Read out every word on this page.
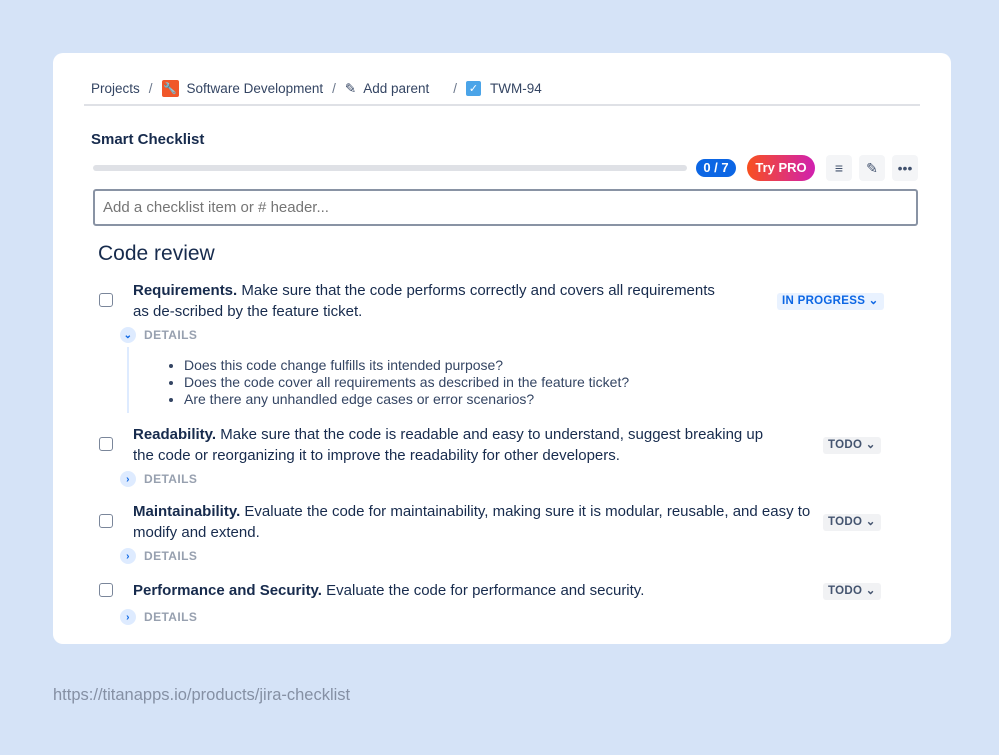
Projects / 🔧 Software Development / ✎ Add parent / ✓ TWM-94
Smart Checklist
0 / 7	Try PRO	≡ ✎ •••
Add a checklist item or # header...
Code review
Requirements. Make sure that the code performs correctly and covers all requirements as de-scribed by the feature ticket.
IN PROGRESS ⌄
⌄ DETAILS
• Does this code change fulfills its intended purpose?
• Does the code cover all requirements as described in the feature ticket?
• Are there any unhandled edge cases or error scenarios?
Readability. Make sure that the code is readable and easy to understand, suggest breaking up the code or reorganizing it to improve the readability for other developers.
TODO ⌄
›	DETAILS
Maintainability. Evaluate the code for maintainability, making sure it is modular, reusable, and easy to modify and extend.
TODO ⌄
›	DETAILS
Performance and Security. Evaluate the code for performance and security.	TODO ⌄
›	DETAILS
https://titanapps.io/products/jira-checklist
